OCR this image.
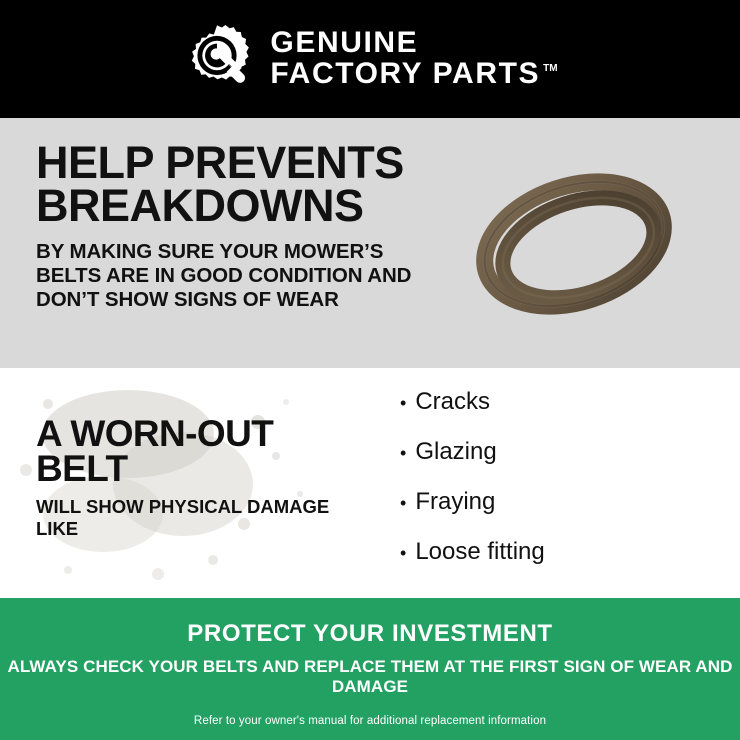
GENUINE
FACTORY PARTS ™
HELP PREVENTS BREAKDOWNS

BY MAKING SURE YOUR MOWER’S BELTS ARE IN GOOD CONDITION AND DON’T SHOW SIGNS OF WEAR

A WORN-OUT BELT

WILL SHOW PHYSICAL DAMAGE LIKE

• Cracks
• Glazing
• Fraying
• Loose fitting

PROTECT YOUR INVESTMENT

ALWAYS CHECK YOUR BELTS AND REPLACE THEM AT THE FIRST SIGN OF WEAR AND DAMAGE

Refer to your owner's manual for additional replacement information
